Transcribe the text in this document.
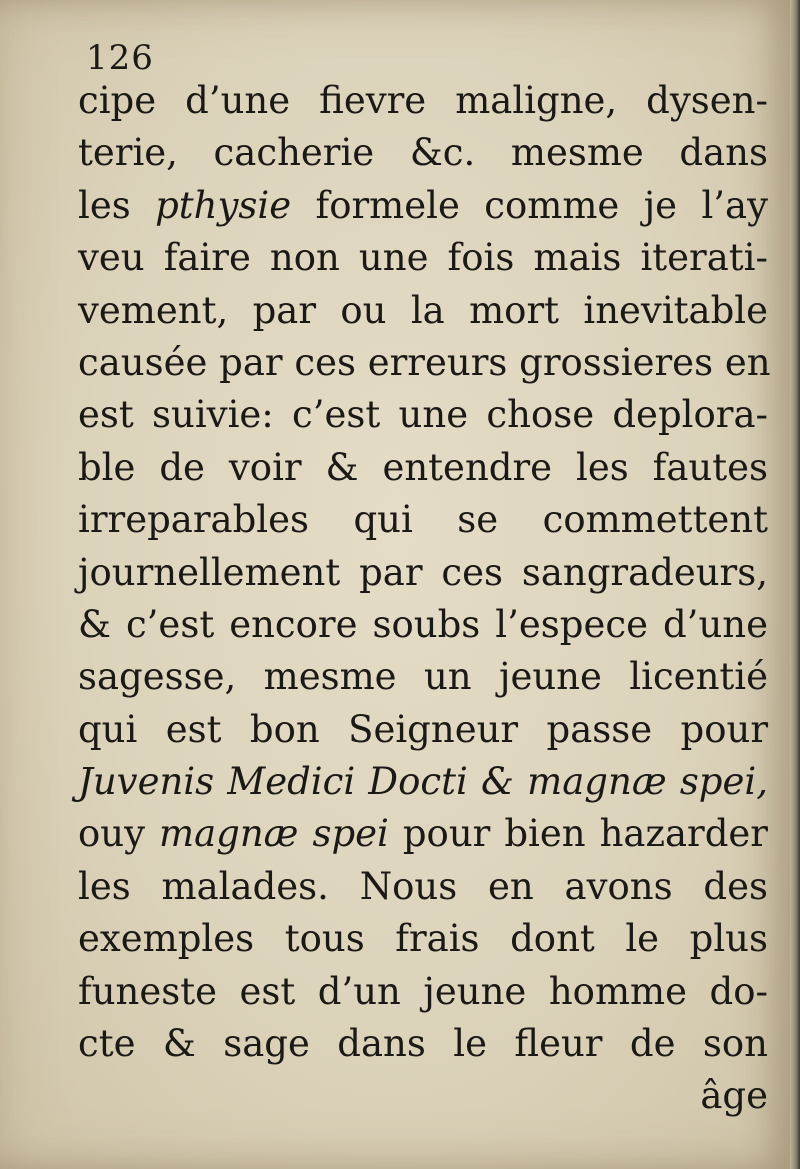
126
cipe d’une fievre maligne, dysen-
terie, cacherie &c. mesme dans
les pthysie formele comme je l’ay
veu faire non une fois mais iterati-
vement, par ou la mort inevitable
causée par ces erreurs grossieres en
est suivie: c’est une chose deplora-
ble de voir & entendre les fautes
irreparables qui se commettent
journellement par ces sangradeurs,
& c’est encore soubs l’espece d’une
sagesse, mesme un jeune licentié
qui est bon Seigneur passe pour
Juvenis Medici Docti & magnæ spei,
ouy magnæ spei pour bien hazarder
les malades. Nous en avons des
exemples tous frais dont le plus
funeste est d’un jeune homme do-
cte & sage dans le fleur de son
âge
